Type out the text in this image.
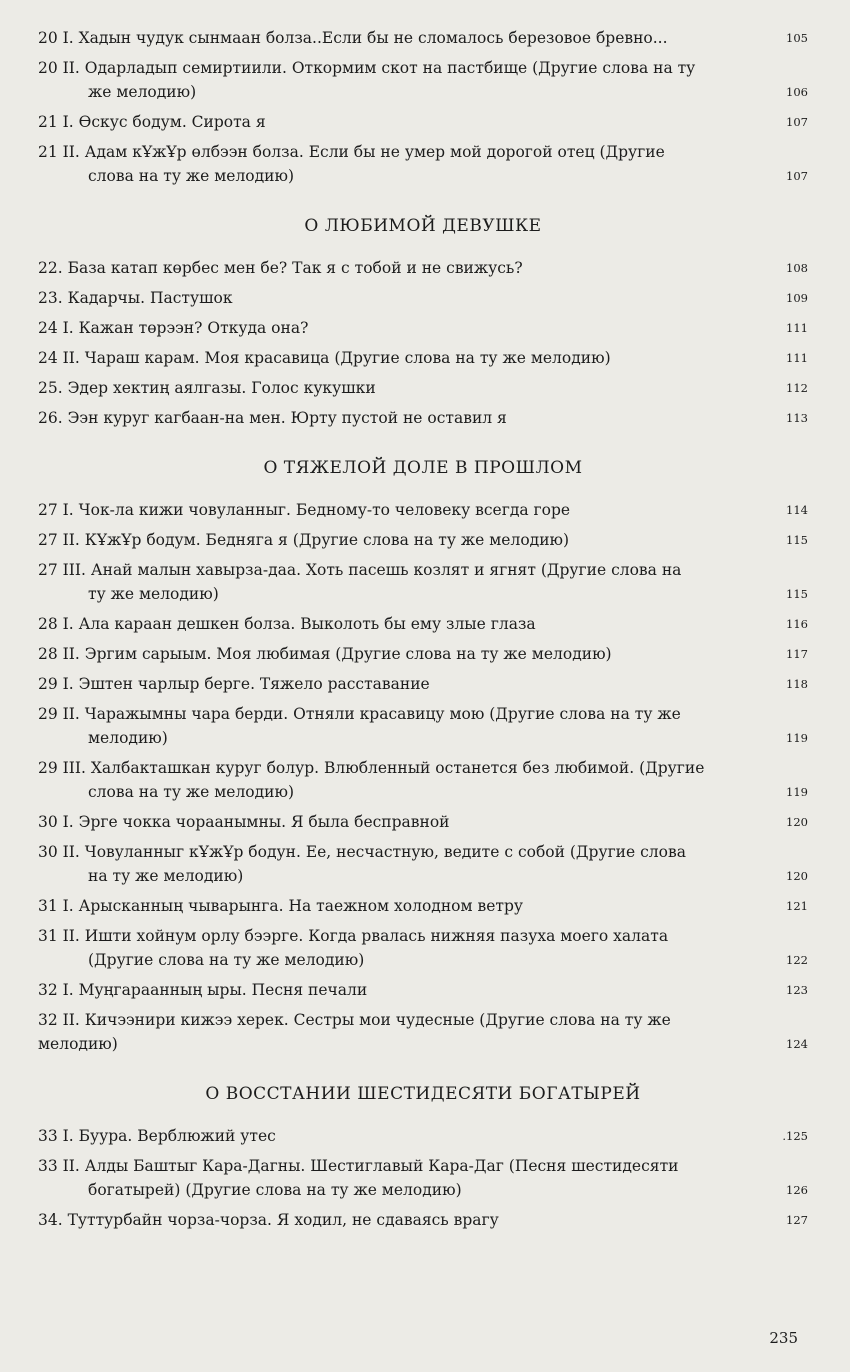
20 I. Хадын чудук сынмаан болза..Если бы не сломалось березовое бревно...	105
20 II. Одарладып семиртиили. Откормим скот на пастбище (Другие слова на ту
же мелодию)	106
21 I. Өскус бодум. Сирота я	107
21 II. Адам кҰжҰр өлбээн болза. Если бы не умер мой дорогой отец (Другие
слова на ту же мелодию)	107
О ЛЮБИМОЙ ДЕВУШКЕ
22. База катап көрбес мен бе? Так я с тобой и не свижусь?	108
23. Кадарчы. Пастушок	109
24 I. Кажан төрээн? Откуда она?	111
24 II. Чараш карам. Моя красавица (Другие слова на ту же мелодию)	111
25. Эдер хектиң аялгазы. Голос кукушки	112
26. Ээн куруг кагбаан-на мен. Юрту пустой не оставил я	113
О ТЯЖЕЛОЙ ДОЛЕ В ПРОШЛОМ
27 I. Чок-ла кижи човуланныг. Бедному-то человеку всегда горе	114
27 II. КҰжҰр бодум. Беднягa я (Другие слова на ту же мелодию)	115
27 III. Анай малын хавырза-даа. Хоть пасешь козлят и ягнят (Другие слова на
ту же мелодию)	115
28 I. Ала караан дешкен болза. Выколоть бы ему злые глаза	116
28 II. Эргим сарыым. Моя любимая (Другие слова на ту же мелодию)	117
29 I. Эштен чарлыр берге. Тяжело расставание	118
29 II. Чаражымны чара берди. Отняли красавицу мою (Другие слова на ту же
мелодию)	119
29 III. Халбакташкан куруг болур. Влюбленный останется без любимой. (Другие
слова на ту же мелодию)	119
30 I. Эрге чокка чораанымны. Я была бесправной	120
30 II. Човуланныг кҰжҰр бодун. Ее, несчастную, ведите с собой (Другие слова
на ту же мелодию)	120
31 I. Арысканның чыварынга. На таежном холодном ветру	121
31 II. Ишти хойнум орлу бээрге. Когда рвалась нижняя пазуха моего халата
(Другие слова на ту же мелодию)	122
32 I. Муңгараанның ыры. Песня печали	123
32 II. Кичээнири кижээ херек. Сестры мои чудесные (Другие слова на ту же мелодию)	124
О ВОССТАНИИ ШЕСТИДЕСЯТИ БОГАТЫРЕЙ
33 I. Буура. Верблюжий утес	.125
33 II. Алды Баштыг Кара-Дагны. Шестиглавый Кара-Даг (Песня шестидесяти
богатырей) (Другие слова на ту же мелодию)	126
34. Туттурбайн чорза-чорза. Я ходил, не сдаваясь врагу	127
235
